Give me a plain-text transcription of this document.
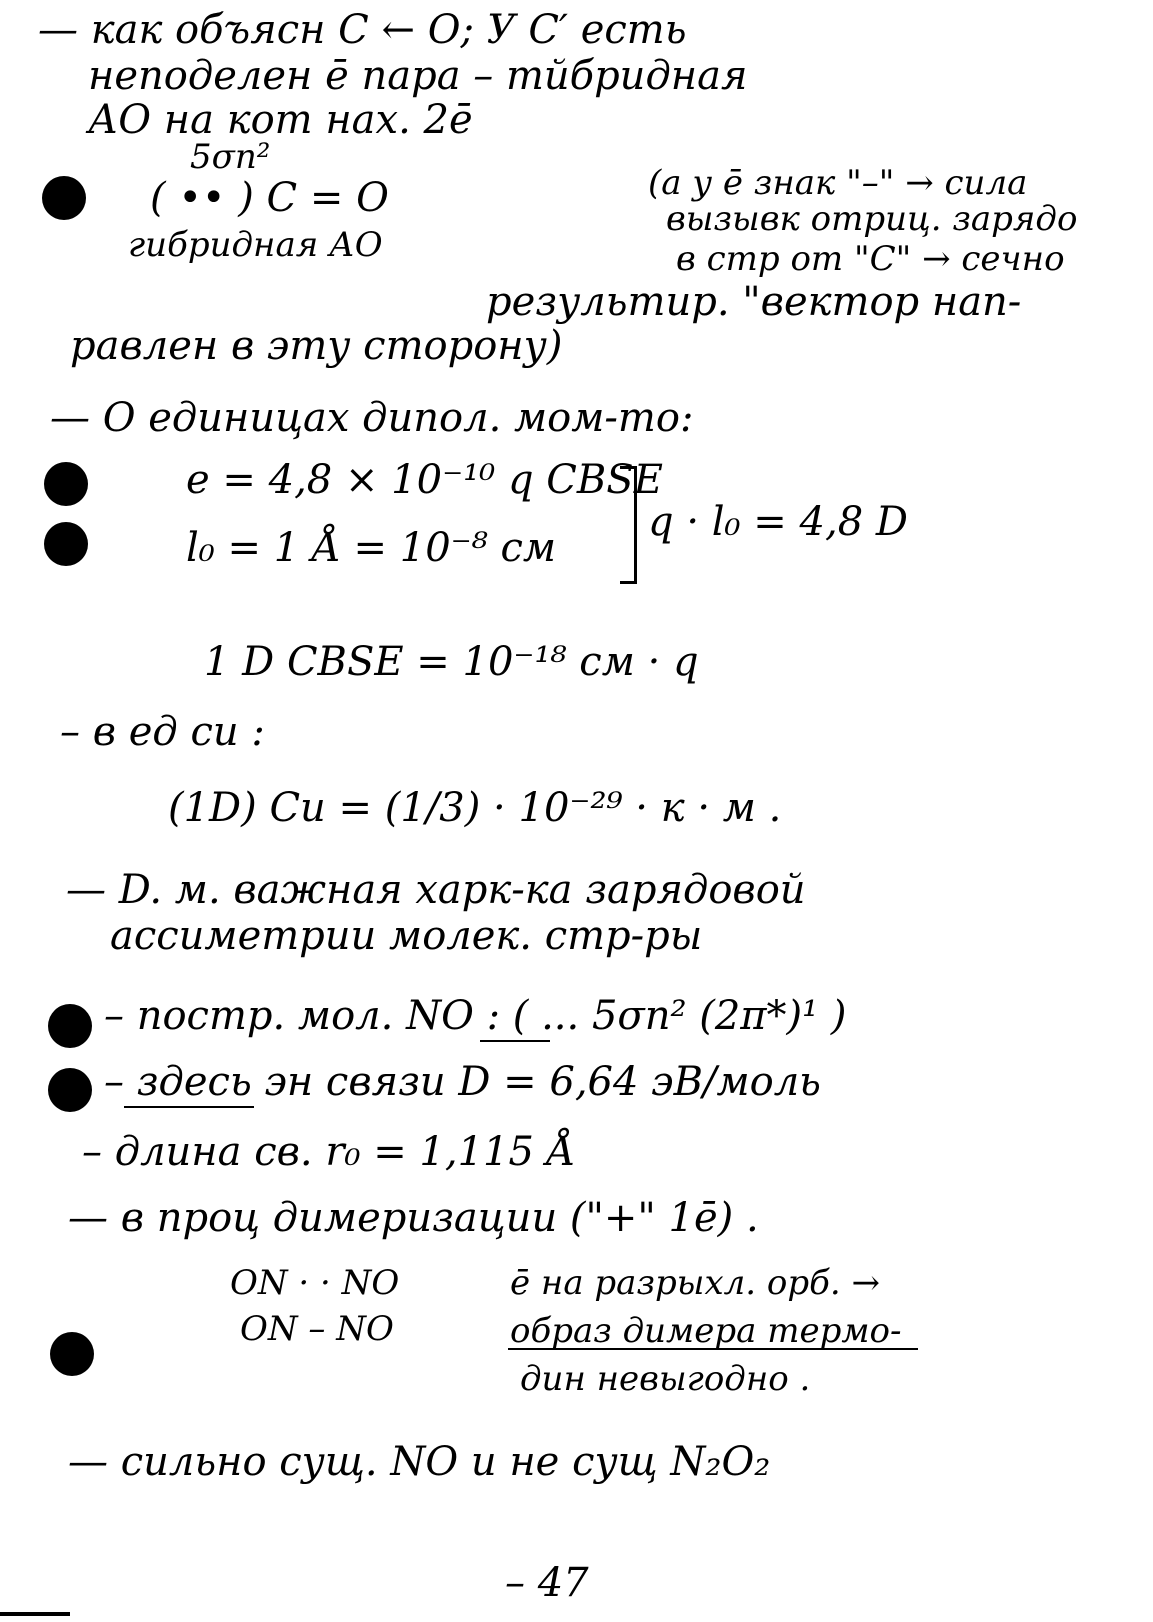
— как объясн C ← O; У C′ есть
неподелен ē пара – тйбридная
АО на кот нах. 2ē
5σn²
( •• ) C = O
гибридная АО
(а у ē знак "–" → сила
вызывк отриц. зарядо
в стр от "C" → сечно
результир. "вектор нап-
равлен в эту сторону)
— О единицах дипол. мом-то:
e = 4,8 × 10⁻¹⁰ q CBSE
l₀ = 1 Å = 10⁻⁸ см
q · l₀ = 4,8 D
1 D CBSE = 10⁻¹⁸ см · q
– в ед си :
(1D) Си = (1/3) · 10⁻²⁹ · к · м .
— D. м. важная харк-ка зарядовой
ассиметрии молек. стр-ры
– постр. мол. NO : ( ... 5σn² (2π*)¹ )
– здесь эн связи D = 6,64 эВ/моль
– длина св. r₀ = 1,115 Å
— в проц димеризации ("+" 1ē) .
ON · · NO
ON – NO
ē на разрыхл. орб. →
образ димера термо-
дин невыгодно .
— сильно сущ. NO и не сущ N₂O₂
– 47
